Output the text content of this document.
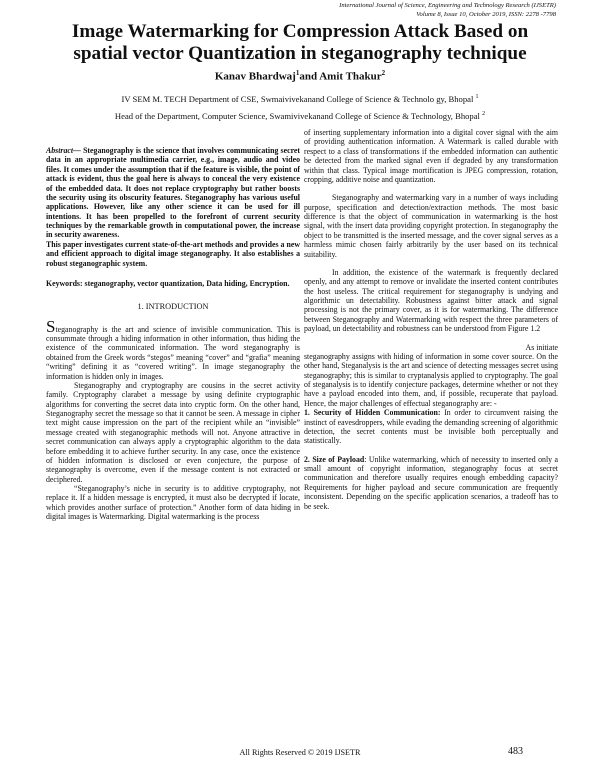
International Journal of Science, Engineering and Technology Research (IJSETR)
Volume 8, Issue 10, October 2019, ISSN: 2278 -7798
Image Watermarking for Compression Attack Based on
spatial vector Quantization in steganography technique
Kanav Bhardwaj$^1$and Amit Thakur$^2$
IV SEM M. TECH Department of CSE, Swmaivivekanand College of Science & Technolo gy, Bhopal $^1$
Head of the Department, Computer Science, Swamivivekanand College of Science & Technology, Bhopal $^2$

Abstract— Steganography is the science that involves communicating secret data in an appropriate multimedia carrier, e.g., image, audio and video files. It comes under the assumption that if the feature is visible, the point of attack is evident, thus the goal here is always to conceal the very existence of the embedded data. It does not replace cryptography but rather boosts the security using its obscurity features. Steganography has various useful applications. However, like any other science it can be used for ill intentions. It has been propelled to the forefront of current security techniques by the remarkable growth in computational power, the increase in security awareness.

This paper investigates current state-of-the-art methods and provides a new and efficient approach to digital image steganography. It also establishes a robust steganographic system.

Keywords: steganography, vector quantization, Data hiding, Encryption.

1. INTRODUCTION

Steganography is the art and science of invisible communication. This is consummate through a hiding information in other information, thus hiding the existence of the communicated information. The word steganography is obtained from the Greek words “stegos” meaning “cover” and “grafia” meaning “writing” defining it as “covered writing”. In image steganography the information is hidden only in images.

Steganography and cryptography are cousins in the secret activity family. Cryptography clarabet a message by using definite cryptographic algorithms for converting the secret data into cryptic form. On the other hand, Steganography secret the message so that it cannot be seen. A message in cipher text might cause impression on the part of the recipient while an “invisible” message created with steganographic methods will not. Anyone attractive in secret communication can always apply a cryptographic algorithm to the data before embedding it to achieve further security. In any case, once the existence of hidden information is disclosed or even conjecture, the purpose of steganography is overcome, even if the message content is not extracted or deciphered.

“Steganography’s niche in security is to additive cryptography, not replace it. If a hidden message is encrypted, it must also be decrypted if locate, which provides another surface of protection.” Another form of data hiding in digital images is Watermarking. Digital watermarking is the process

of inserting supplementary information into a digital cover signal with the aim of providing authentication information. A Watermark is called durable with respect to a class of transformations if the embedded information can authentic be detected from the marked signal even if degraded by any transformation within that class. Typical image mortification is JPEG compression, rotation, cropping, additive noise and quantization.

Steganography and watermarking vary in a number of ways including purpose, specification and detection/extraction methods. The most basic difference is that the object of communication in watermarking is the host signal, with the insert data providing copyright protection. In steganography the object to be transmitted is the inserted message, and the cover signal serves as a harmless mimic chosen fairly arbitrarily by the user based on its technical suitability.

In addition, the existence of the watermark is frequently declared openly, and any attempt to remove or invalidate the inserted content contributes the host useless. The critical requirement for steganography is undying and algorithmic un detectability. Robustness against bitter attack and signal processing is not the primary cover, as it is for watermarking. The difference between Steganography and Watermarking with respect the three parameters of payload, un detectability and robustness can be understood from Figure 1.2

As initiate

steganography assigns with hiding of information in some cover source. On the other hand, Steganalysis is the art and science of detecting messages secret using steganography; this is similar to cryptanalysis applied to cryptography. The goal of steganalysis is to identify conjecture packages, determine whether or not they have a payload encoded into them, and, if possible, recuperate that payload. Hence, the major challenges of effectual steganography are: -

1. Security of Hidden Communication: In order to circumvent raising the instinct of eavesdroppers, while evading the demanding screening of algorithmic detection, the secret contents must be invisible both perceptually and statistically.

2. Size of Payload: Unlike watermarking, which of necessity to inserted only a small amount of copyright information, steganography focus at secret communication and therefore usually requires enough embedding capacity? Requirements for higher payload and secure communication are frequently inconsistent. Depending on the specific application scenarios, a tradeoff has to be seek.

All Rights Reserved © 2019 IJSETR	483
